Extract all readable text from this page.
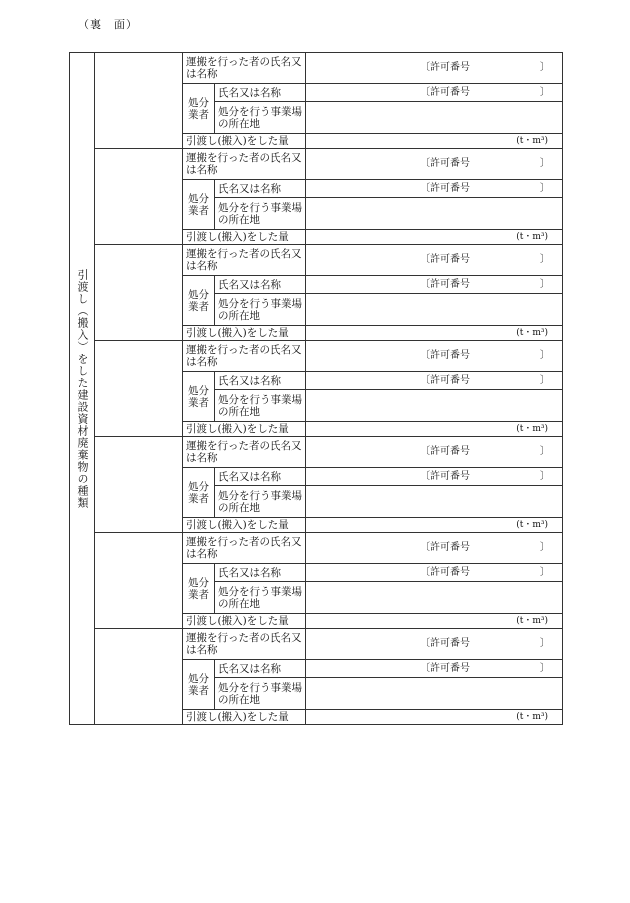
（裏　面）
引渡し（搬入）をした建設資材廃棄物の種類		運搬を行った者の氏名又は名称		〔許可番号 〕

		処分業者	氏名又は名称	〔許可番号 〕

			処分を行う事業場の所在地	
		引渡し(搬入)をした量		(t・m³)

		運搬を行った者の氏名又は名称		〔許可番号 〕

		処分業者	氏名又は名称	〔許可番号 〕

			処分を行う事業場の所在地	
		引渡し(搬入)をした量		(t・m³)

		運搬を行った者の氏名又は名称		〔許可番号 〕

		処分業者	氏名又は名称	〔許可番号 〕

			処分を行う事業場の所在地	
		引渡し(搬入)をした量		(t・m³)

		運搬を行った者の氏名又は名称		〔許可番号 〕

		処分業者	氏名又は名称	〔許可番号 〕

			処分を行う事業場の所在地	
		引渡し(搬入)をした量		(t・m³)

		運搬を行った者の氏名又は名称		〔許可番号 〕

		処分業者	氏名又は名称	〔許可番号 〕

			処分を行う事業場の所在地	
		引渡し(搬入)をした量		(t・m³)

		運搬を行った者の氏名又は名称		〔許可番号 〕

		処分業者	氏名又は名称	〔許可番号 〕

			処分を行う事業場の所在地	
		引渡し(搬入)をした量		(t・m³)

		運搬を行った者の氏名又は名称		〔許可番号 〕

		処分業者	氏名又は名称	〔許可番号 〕

			処分を行う事業場の所在地	
		引渡し(搬入)をした量		(t・m³)
